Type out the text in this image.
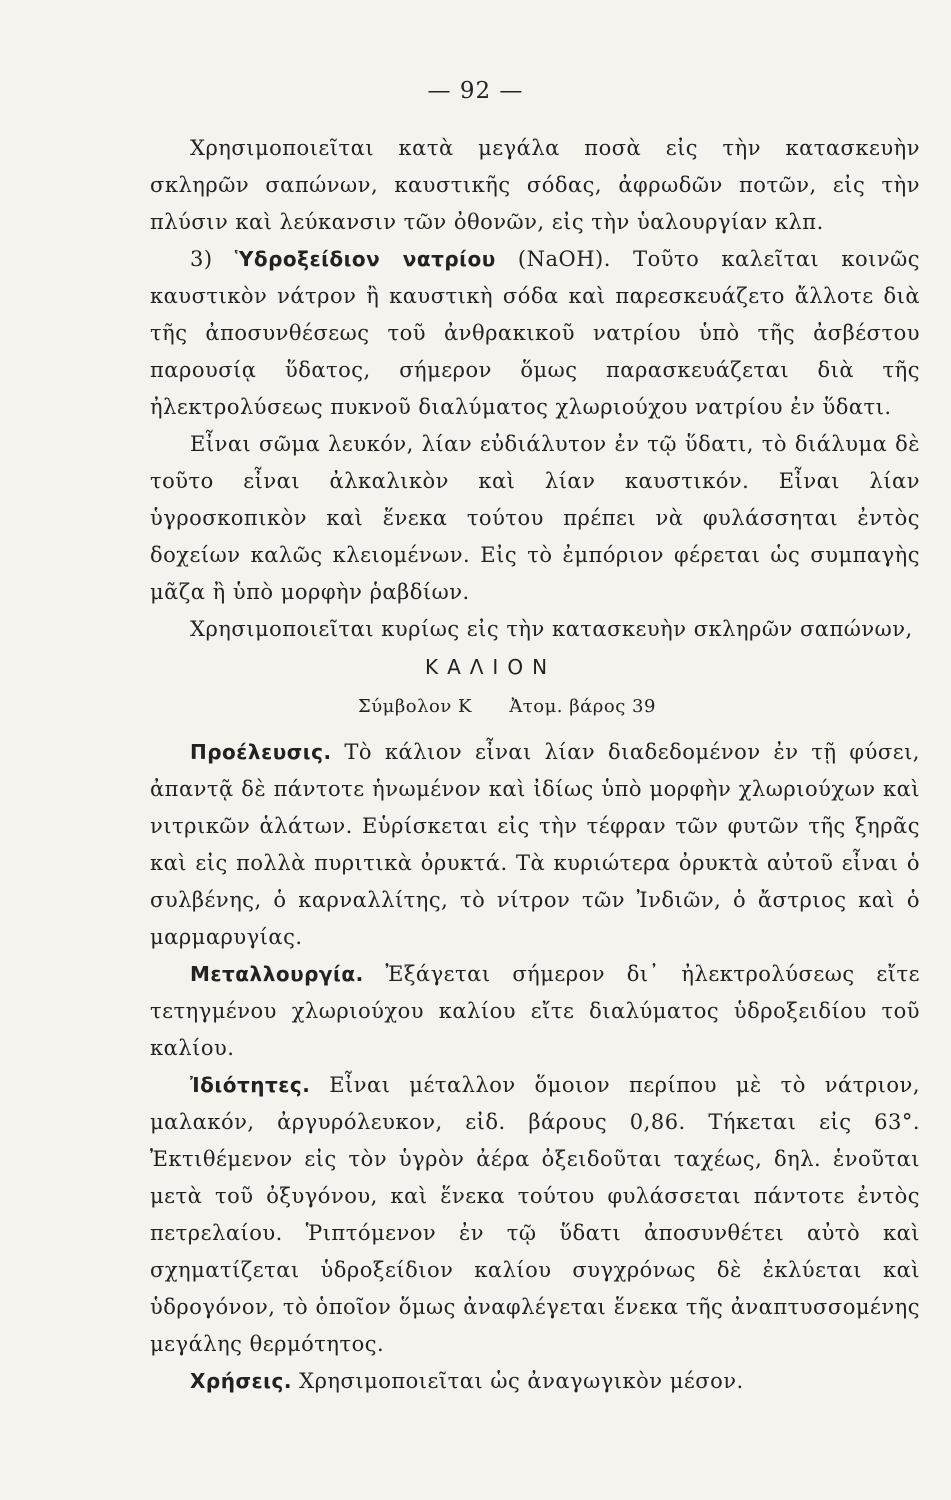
— 92 —

Χρησιμοποιεῖται κατὰ μεγάλα ποσὰ εἰς τὴν κατασκευὴν σκληρῶν σαπώνων, καυστικῆς σόδας, ἀφρωδῶν ποτῶν, εἰς τὴν πλύσιν καὶ λεύκανσιν τῶν ὀθονῶν, εἰς τὴν ὑαλουργίαν κλπ.

3) Ὑδροξείδιον νατρίου (NaOH). Τοῦτο καλεῖται κοινῶς καυστικὸν νάτρον ἢ καυστικὴ σόδα καὶ παρεσκευάζετο ἄλλοτε διὰ τῆς ἀποσυνθέσεως τοῦ ἀνθρακικοῦ νατρίου ὑπὸ τῆς ἀσβέστου παρουσίᾳ ὕδατος, σήμερον ὅμως παρασκευάζεται διὰ τῆς ἠλεκτρολύσεως πυκνοῦ διαλύματος χλωριούχου νατρίου ἐν ὕδατι.

Εἶναι σῶμα λευκόν, λίαν εὐδιάλυτον ἐν τῷ ὕδατι, τὸ διάλυμα δὲ τοῦτο εἶναι ἀλκαλικὸν καὶ λίαν καυστικόν. Εἶναι λίαν ὑγροσκοπικὸν καὶ ἕνεκα τούτου πρέπει νὰ φυλάσσηται ἐντὸς δοχείων καλῶς κλειομένων. Εἰς τὸ ἐμπόριον φέρεται ὡς συμπαγὴς μᾶζα ἢ ὑπὸ μορφὴν ῥαβδίων.

Χρησιμοποιεῖται κυρίως εἰς τὴν κατασκευὴν σκληρῶν σαπώνων,

ΚΑΛΙΟΝ
Σύμβολον Κ Ἀτομ. βάρος 39

Προέλευσις. Τὸ κάλιον εἶναι λίαν διαδεδομένον ἐν τῇ φύσει, ἀπαντᾷ δὲ πάντοτε ἡνωμένον καὶ ἰδίως ὑπὸ μορφὴν χλωριούχων καὶ νιτρικῶν ἁλάτων. Εὑρίσκεται εἰς τὴν τέφραν τῶν φυτῶν τῆς ξηρᾶς καὶ εἰς πολλὰ πυριτικὰ ὀρυκτά. Τὰ κυριώτερα ὀρυκτὰ αὐτοῦ εἶναι ὁ συλβένης, ὁ καρναλλίτης, τὸ νίτρον τῶν Ἰνδιῶν, ὁ ἄστριος καὶ ὁ μαρμαρυγίας.

Μεταλλουργία. Ἐξάγεται σήμερον δι᾽ ἠλεκτρολύσεως εἴτε τετηγμένου χλωριούχου καλίου εἴτε διαλύματος ὑδροξειδίου τοῦ καλίου.

Ἰδιότητες. Εἶναι μέταλλον ὅμοιον περίπου μὲ τὸ νάτριον, μαλακόν, ἀργυρόλευκον, εἰδ. βάρους 0,86. Τήκεται εἰς 63°. Ἐκτιθέμενον εἰς τὸν ὑγρὸν ἀέρα ὀξειδοῦται ταχέως, δηλ. ἑνοῦται μετὰ τοῦ ὀξυγόνου, καὶ ἕνεκα τούτου φυλάσσεται πάντοτε ἐντὸς πετρελαίου. Ῥιπτόμενον ἐν τῷ ὕδατι ἀποσυνθέτει αὐτὸ καὶ σχηματίζεται ὑδροξείδιον καλίου συγχρόνως δὲ ἐκλύεται καὶ ὑδρογόνον, τὸ ὁποῖον ὅμως ἀναφλέγεται ἕνεκα τῆς ἀναπτυσσομένης μεγάλης θερμότητος.

Χρήσεις. Χρησιμοποιεῖται ὡς ἀναγωγικὸν μέσον.
